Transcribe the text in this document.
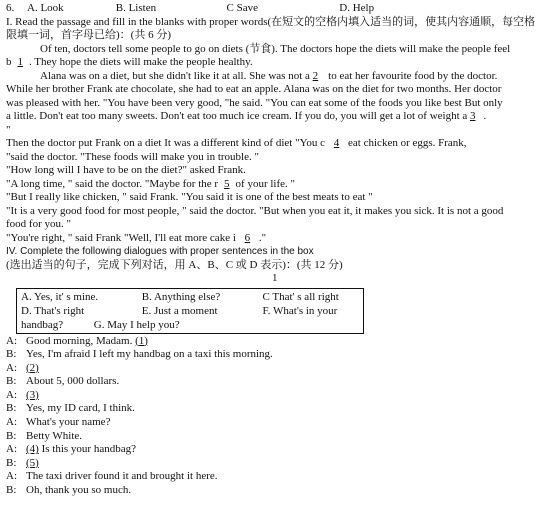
6. A. Look	B. Listen	C Save	D. Help
I. Read the passage and fill in the blanks with proper words(在短文的空格内填入适当的词，使其内容通顺，每空格限填一词，首字母已给)：(共 6 分)
Of ten, doctors tell some people to go on diets (节食). The doctors hope the diets will make the people feel
b 1 . They hope the diets will make the people healthy.
Alana was on a diet, but she didn't like it at all. She was not a 2 to eat her favourite food by the doctor.
While her brother Frank ate chocolate, she had to eat an apple. Alana was on the diet for two months. Her doctor
was pleased with her. "You have been very good, "he said. "You can eat some of the foods you like best But only
a little. Don't eat too many sweets. Don't eat too much ice cream. If you do, you will get a lot of weight a 3 .
"
Then the doctor put Frank on a diet It was a different kind of diet "You c 4 eat chicken or eggs. Frank,
"said the doctor. "These foods will make you in trouble. "
"How long will I have to be on the diet?" asked Frank.
"A long time, " said the doctor. "Maybe for the r 5 of your life. "
"But I really like chicken, " said Frank. "You said it is one of the best meats to eat "
"It is a very good food for most people, " said the doctor. "But when you eat it, it makes you sick. It is not a good
food for you. "
"You're right, " said Frank "Well, I'll eat more cake i 6 ."
IV. Complete the following dialogues with proper sentences in the box
(选出适当的句子，完成下列对话，用 A、B、C 或 D 表示)：(共 12 分)
1
A. Yes, it' s mine.	B. Anything else?	C That' s all right
D. That's right	E. Just a moment	F. What's in your
handbag?	G. May I help you?
A: Good morning, Madam. (1)
B: Yes, I'm afraid I left my handbag on a taxi this morning.
A: (2)
B: About 5, 000 dollars.
A: (3)
B: Yes, my ID card, I think.
A: What's your name?
B: Betty White.
A: (4) Is this your handbag?
B: (5)
A: The taxi driver found it and brought it here.
B: Oh, thank you so much.
